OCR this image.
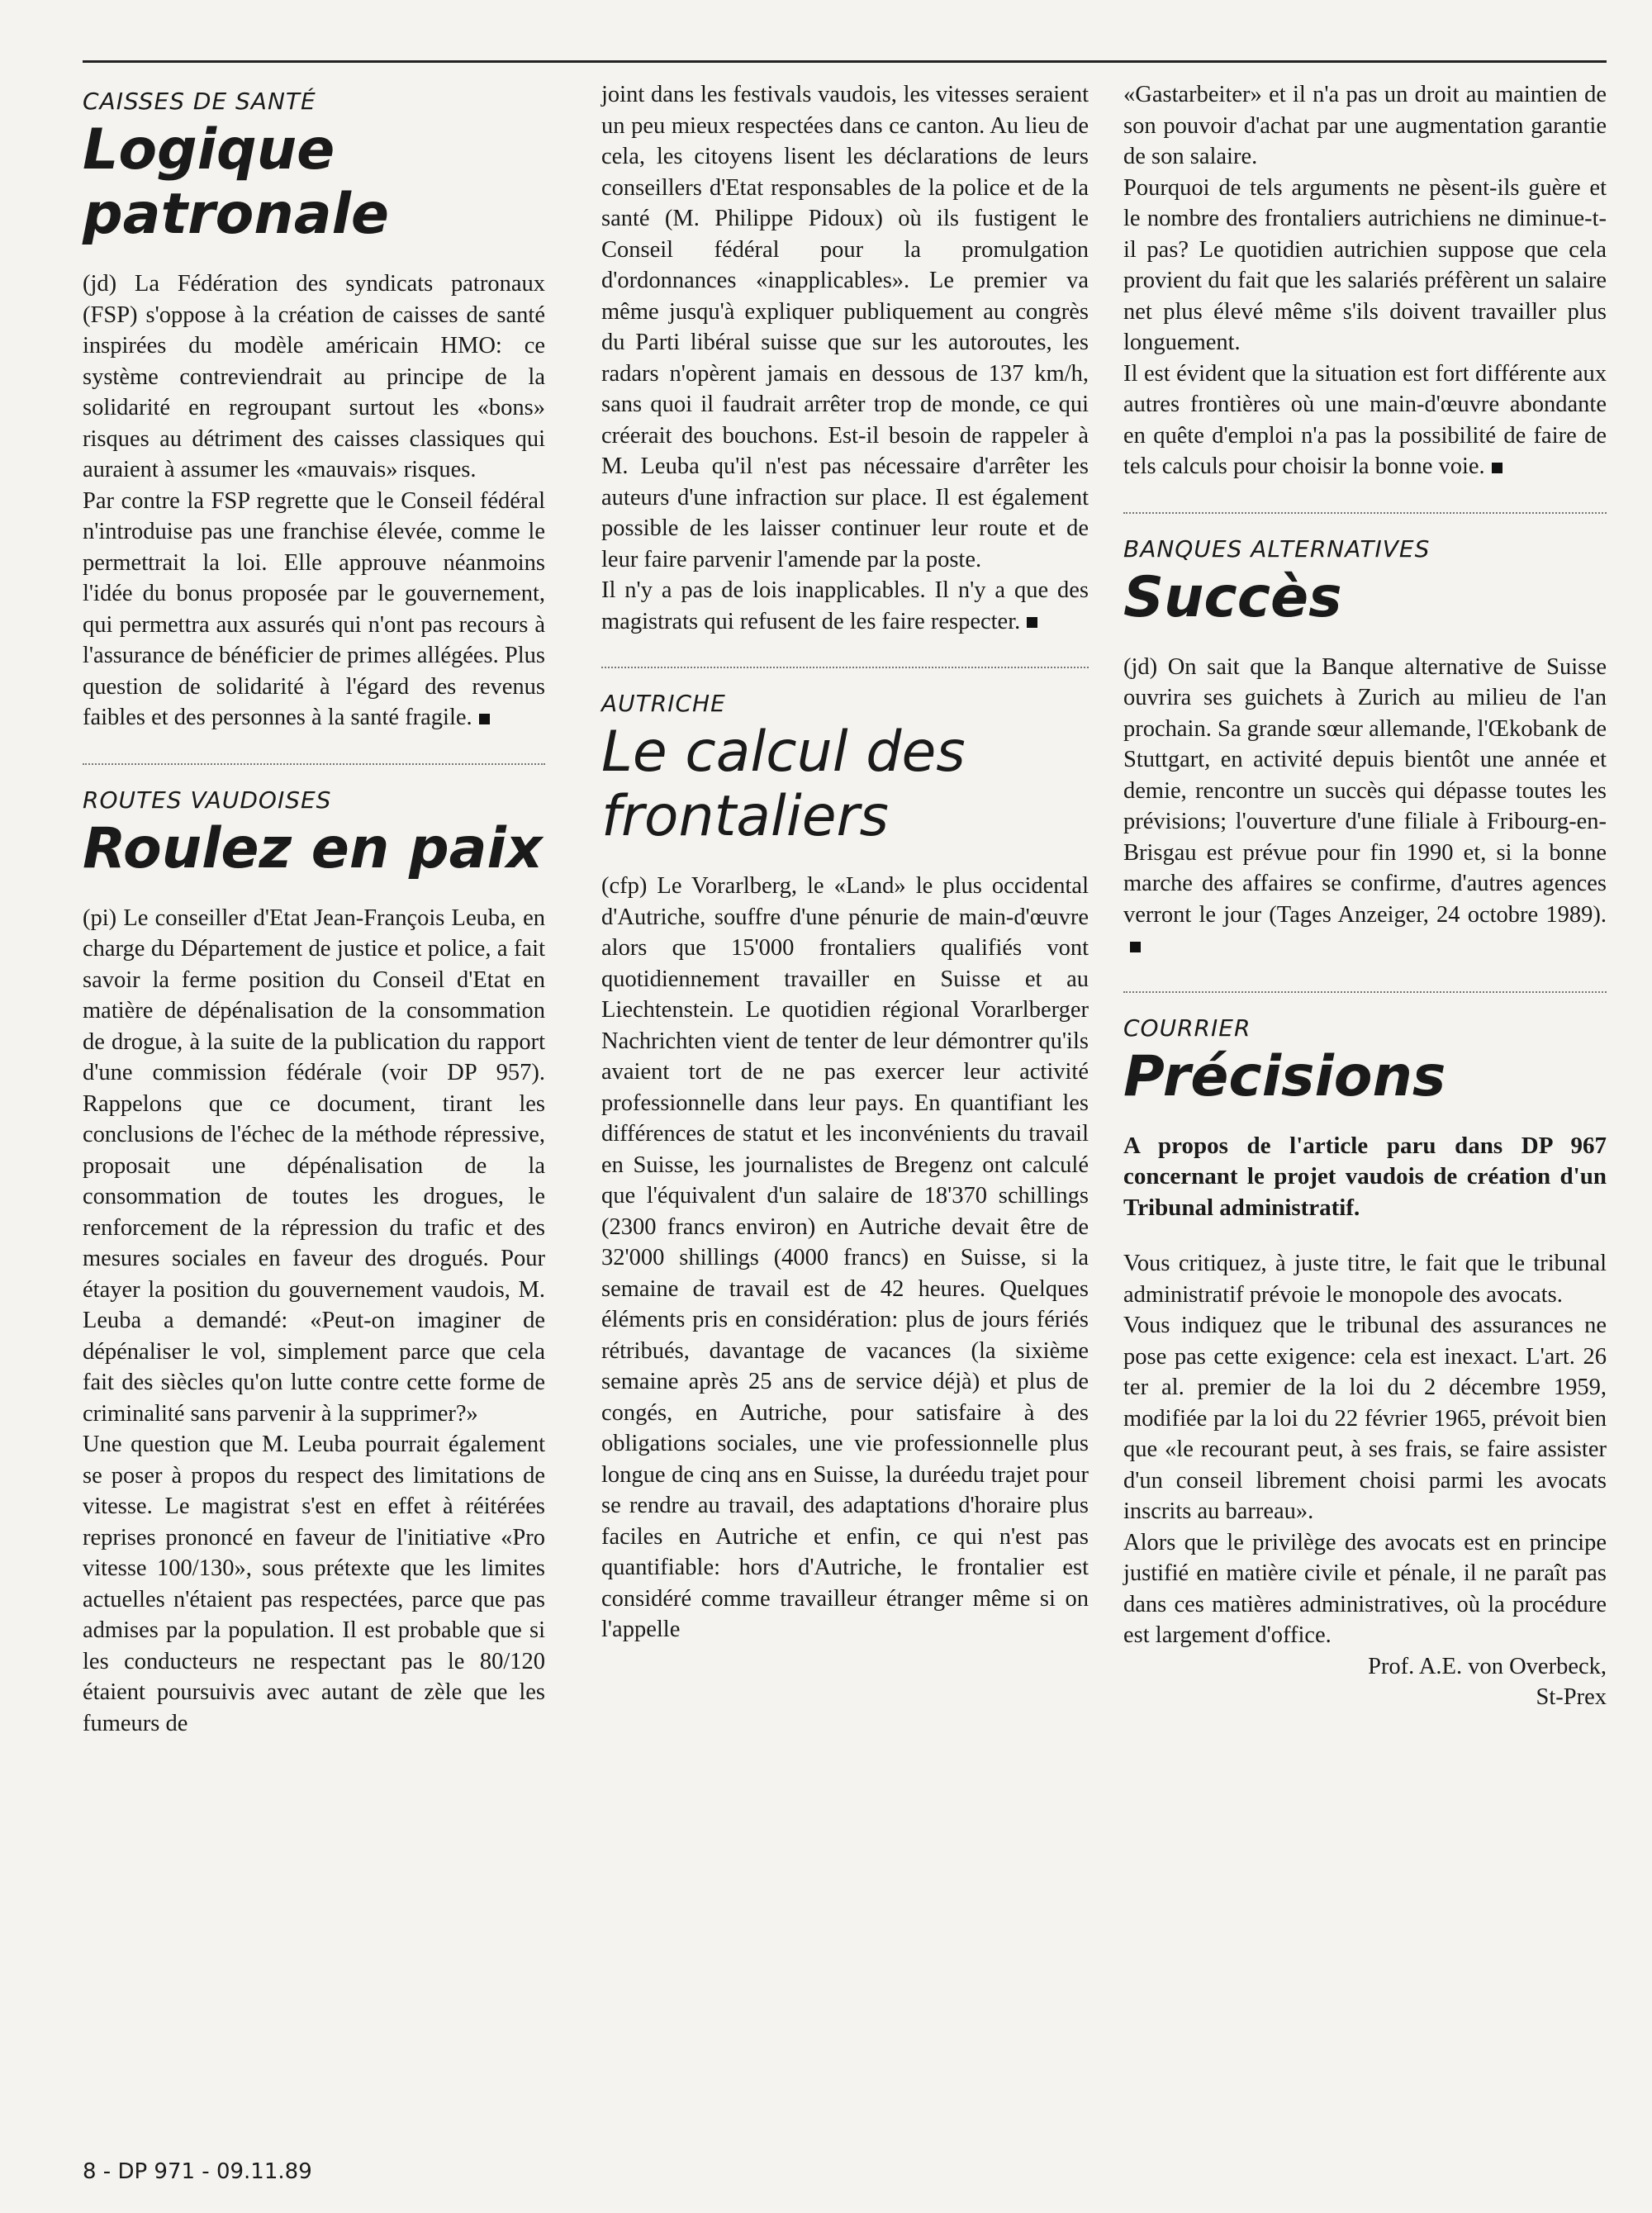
CAISSES DE SANTÉ
Logique patronale

(jd) La Fédération des syndicats patronaux (FSP) s'oppose à la création de caisses de santé inspirées du modèle américain HMO: ce système contreviendrait au principe de la solidarité en regroupant surtout les «bons» risques au détriment des caisses classiques qui auraient à assumer les «mauvais» risques.

Par contre la FSP regrette que le Conseil fédéral n'introduise pas une franchise élevée, comme le permettrait la loi. Elle approuve néanmoins l'idée du bonus proposée par le gouvernement, qui permettra aux assurés qui n'ont pas recours à l'assurance de bénéficier de primes allégées. Plus question de solidarité à l'égard des revenus faibles et des personnes à la santé fragile.

ROUTES VAUDOISES
Roulez en paix

(pi) Le conseiller d'Etat Jean-François Leuba, en charge du Département de justice et police, a fait savoir la ferme position du Conseil d'Etat en matière de dépénalisation de la consommation de drogue, à la suite de la publication du rapport d'une commission fédérale (voir DP 957). Rappelons que ce document, tirant les conclusions de l'échec de la méthode répressive, proposait une dépénalisation de la consommation de toutes les drogues, le renforcement de la répression du trafic et des mesures sociales en faveur des drogués. Pour étayer la position du gouvernement vaudois, M. Leuba a demandé: «Peut-on imaginer de dépénaliser le vol, simplement parce que cela fait des siècles qu'on lutte contre cette forme de criminalité sans parvenir à la supprimer?»

Une question que M. Leuba pourrait également se poser à propos du respect des limitations de vitesse. Le magistrat s'est en effet à réitérées reprises prononcé en faveur de l'initiative «Pro vitesse 100/130», sous prétexte que les limites actuelles n'étaient pas respectées, parce que pas admises par la population. Il est probable que si les conducteurs ne respectant pas le 80/120 étaient poursuivis avec autant de zèle que les fumeurs de

joint dans les festivals vaudois, les vitesses seraient un peu mieux respectées dans ce canton. Au lieu de cela, les citoyens lisent les déclarations de leurs conseillers d'Etat responsables de la police et de la santé (M. Philippe Pidoux) où ils fustigent le Conseil fédéral pour la promulgation d'ordonnances «inapplicables». Le premier va même jusqu'à expliquer publiquement au congrès du Parti libéral suisse que sur les autoroutes, les radars n'opèrent jamais en dessous de 137 km/h, sans quoi il faudrait arrêter trop de monde, ce qui créerait des bouchons. Est-il besoin de rappeler à M. Leuba qu'il n'est pas nécessaire d'arrêter les auteurs d'une infraction sur place. Il est également possible de les laisser continuer leur route et de leur faire parvenir l'amende par la poste.

Il n'y a pas de lois inapplicables. Il n'y a que des magistrats qui refusent de les faire respecter.

AUTRICHE
Le calcul des frontaliers

(cfp) Le Vorarlberg, le «Land» le plus occidental d'Autriche, souffre d'une pénurie de main-d'œuvre alors que 15'000 frontaliers qualifiés vont quotidiennement travailler en Suisse et au Liechtenstein. Le quotidien régional Vorarlberger Nachrichten vient de tenter de leur démontrer qu'ils avaient tort de ne pas exercer leur activité professionnelle dans leur pays. En quantifiant les différences de statut et les inconvénients du travail en Suisse, les journalistes de Bregenz ont calculé que l'équivalent d'un salaire de 18'370 schillings (2300 francs environ) en Autriche devait être de 32'000 shillings (4000 francs) en Suisse, si la semaine de travail est de 42 heures. Quelques éléments pris en considération: plus de jours fériés rétribués, davantage de vacances (la sixième semaine après 25 ans de service déjà) et plus de congés, en Autriche, pour satisfaire à des obligations sociales, une vie professionnelle plus longue de cinq ans en Suisse, la duréedu trajet pour se rendre au travail, des adaptations d'horaire plus faciles en Autriche et enfin, ce qui n'est pas quantifiable: hors d'Autriche, le frontalier est considéré comme travailleur étranger même si on l'appelle

«Gastarbeiter» et il n'a pas un droit au maintien de son pouvoir d'achat par une augmentation garantie de son salaire.

Pourquoi de tels arguments ne pèsent-ils guère et le nombre des frontaliers autrichiens ne diminue-t-il pas? Le quotidien autrichien suppose que cela provient du fait que les salariés préfèrent un salaire net plus élevé même s'ils doivent travailler plus longuement.

Il est évident que la situation est fort différente aux autres frontières où une main-d'œuvre abondante en quête d'emploi n'a pas la possibilité de faire de tels calculs pour choisir la bonne voie.

BANQUES ALTERNATIVES
Succès

(jd) On sait que la Banque alternative de Suisse ouvrira ses guichets à Zurich au milieu de l'an prochain. Sa grande sœur allemande, l'Œkobank de Stuttgart, en activité depuis bientôt une année et demie, rencontre un succès qui dépasse toutes les prévisions; l'ouverture d'une filiale à Fribourg-en-Brisgau est prévue pour fin 1990 et, si la bonne marche des affaires se confirme, d'autres agences verront le jour (Tages Anzeiger, 24 octobre 1989).

COURRIER
Précisions

A propos de l'article paru dans DP 967 concernant le projet vaudois de création d'un Tribunal administratif.

Vous critiquez, à juste titre, le fait que le tribunal administratif prévoie le monopole des avocats.

Vous indiquez que le tribunal des assurances ne pose pas cette exigence: cela est inexact. L'art. 26 ter al. premier de la loi du 2 décembre 1959, modifiée par la loi du 22 février 1965, prévoit bien que «le recourant peut, à ses frais, se faire assister d'un conseil librement choisi parmi les avocats inscrits au barreau».

Alors que le privilège des avocats est en principe justifié en matière civile et pénale, il ne paraît pas dans ces matières administratives, où la procédure est largement d'office.

Prof. A.E. von Overbeck,

St-Prex

8 - DP 971 - 09.11.89
